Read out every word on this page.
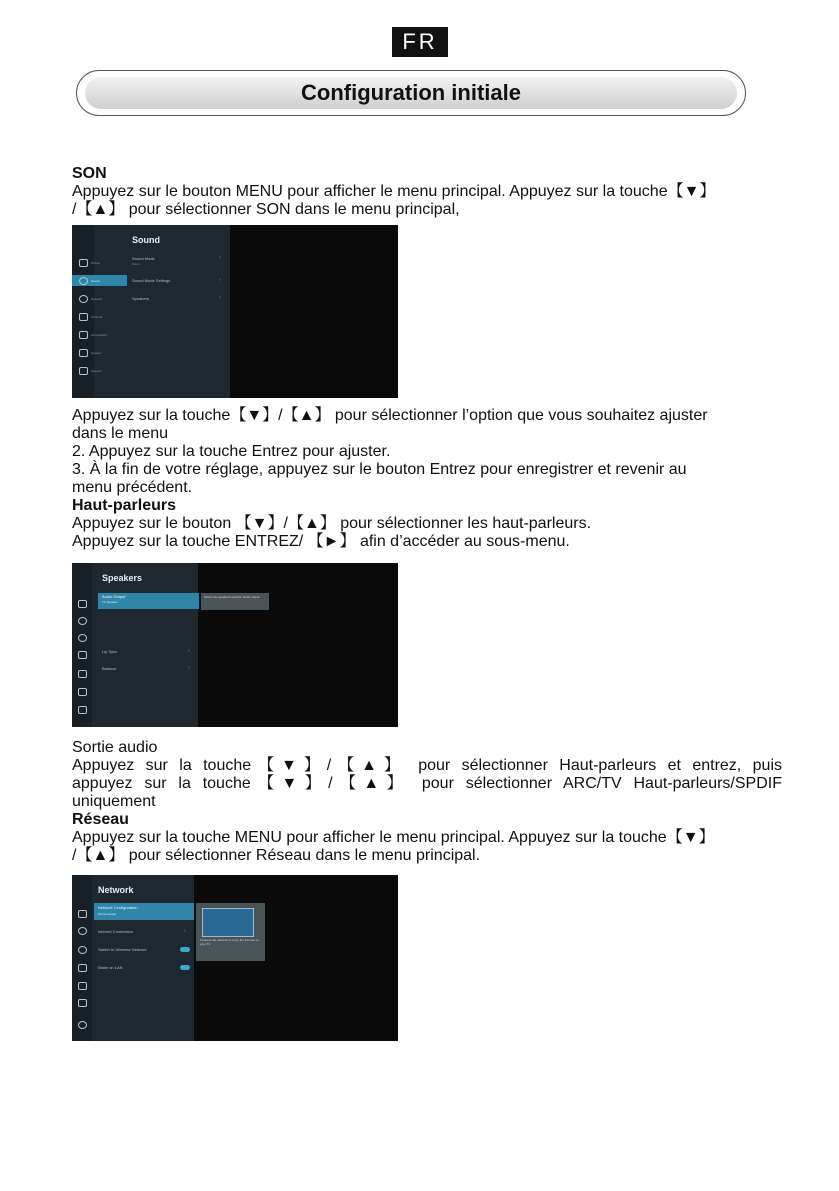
FR
Configuration initiale

SON

Appuyez sur le bouton MENU pour afficher le menu principal. Appuyez sur la touche【▼】

/【▲】 pour sélectionner SON dans le menu principal,

Sound
Picture
Sound
Network
Channel
Accessibility
System
Support
Sound Mode
Music
Sound Mode Settings
Speakers
›
›
›

Appuyez sur la touche【▼】/【▲】 pour sélectionner l’option que vous souhaitez ajuster

dans le menu

2. Appuyez sur la touche Entrez pour ajuster.

3. À la fin de votre réglage, appuyez sur le bouton Entrez pour enregistrer et revenir au

menu précédent.

Haut-parleurs

Appuyez sur le bouton 【▼】/【▲】 pour sélectionner les haut-parleurs.

Appuyez sur la touche ENTREZ/ 【►】 afin d’accéder au sous-menu.

Speakers
Audio Output
TV Speaker
Lip Sync
Balance
›
›
Select the speakers used for audio output.

Sortie audio

Appuyez sur la touche【▼】/【▲】 pour sélectionner Haut-parleurs et entrez, puis

appuyez sur la touche【▼】/【▲】 pour sélectionner ARC/TV Haut-parleurs/SPDIF

uniquement

Réseau

Appuyez sur la touche MENU pour afficher le menu principal. Appuyez sur la touche【▼】

/【▲】 pour sélectionner Réseau dans le menu principal.

Network
Network Configuration
Disconnected
Internet Connection	›
Switch to Wireless Network
Wake on LAN
Connect the network to enjoy the Internet on your TV
